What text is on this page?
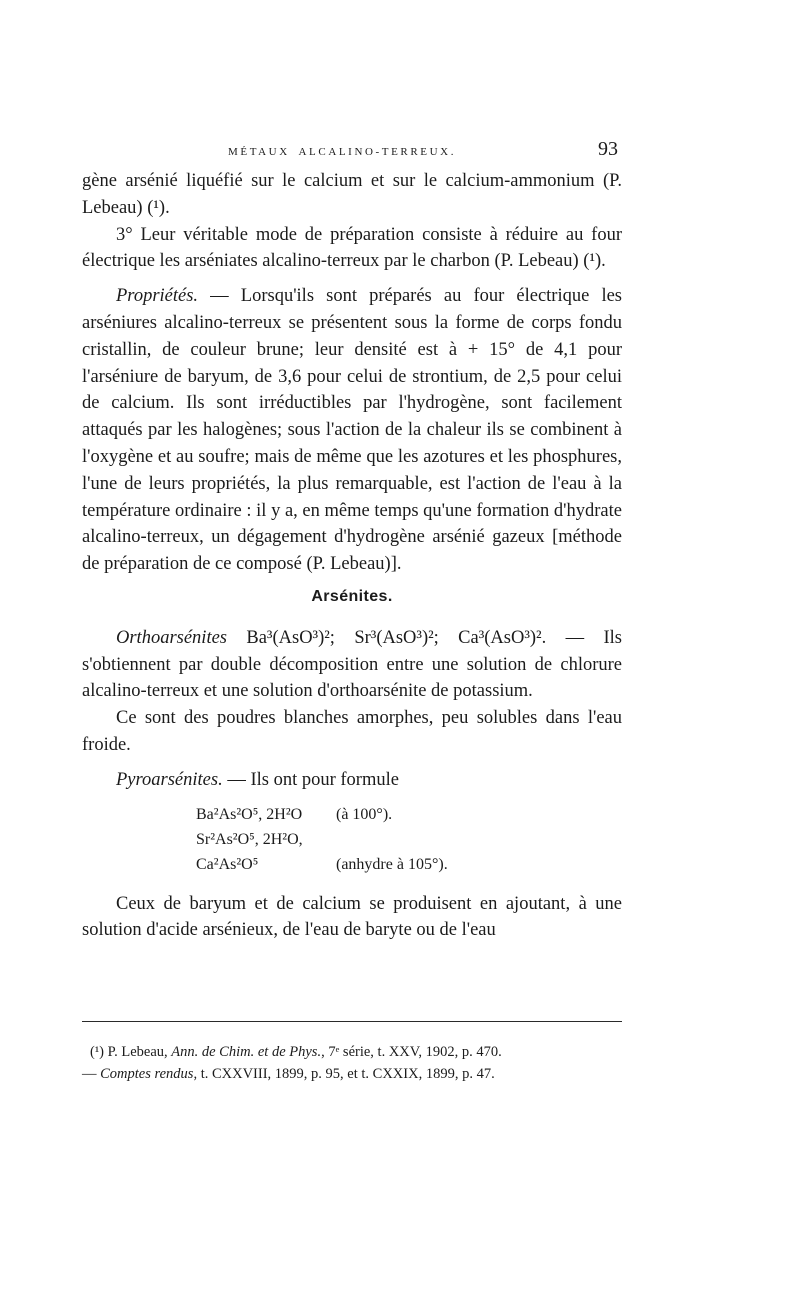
MÉTAUX ALCALINO-TERREUX.	93

gène arsénié liquéfié sur le calcium et sur le calcium-ammonium (P. Lebeau) (¹).

3° Leur véritable mode de préparation consiste à réduire au four électrique les arséniates alcalino-terreux par le charbon (P. Lebeau) (¹).

Propriétés. — Lorsqu'ils sont préparés au four électrique les arséniures alcalino-terreux se présentent sous la forme de corps fondu cristallin, de couleur brune; leur densité est à + 15° de 4,1 pour l'arséniure de baryum, de 3,6 pour celui de strontium, de 2,5 pour celui de calcium. Ils sont irréductibles par l'hydrogène, sont facilement attaqués par les halogènes; sous l'action de la chaleur ils se combinent à l'oxygène et au soufre; mais de même que les azotures et les phosphures, l'une de leurs propriétés, la plus remarquable, est l'action de l'eau à la température ordinaire : il y a, en même temps qu'une formation d'hydrate alcalino-terreux, un dégagement d'hydrogène arsénié gazeux [méthode de préparation de ce composé (P. Lebeau)].

Arsénites.

Orthoarsénites Ba³(AsO³)²; Sr³(AsO³)²; Ca³(AsO³)². — Ils s'obtiennent par double décomposition entre une solution de chlorure alcalino-terreux et une solution d'orthoarsénite de potassium.

Ce sont des poudres blanches amorphes, peu solubles dans l'eau froide.

Pyroarsénites. — Ils ont pour formule

Ba²As²O⁵, 2H²O	(à 100°).
Sr²As²O⁵, 2H²O,
Ca²As²O⁵	(anhydre à 105°).

Ceux de baryum et de calcium se produisent en ajoutant, à une solution d'acide arsénieux, de l'eau de baryte ou de l'eau

(¹) P. Lebeau, Ann. de Chim. et de Phys., 7ᵉ série, t. XXV, 1902, p. 470.

— Comptes rendus, t. CXXVIII, 1899, p. 95, et t. CXXIX, 1899, p. 47.
